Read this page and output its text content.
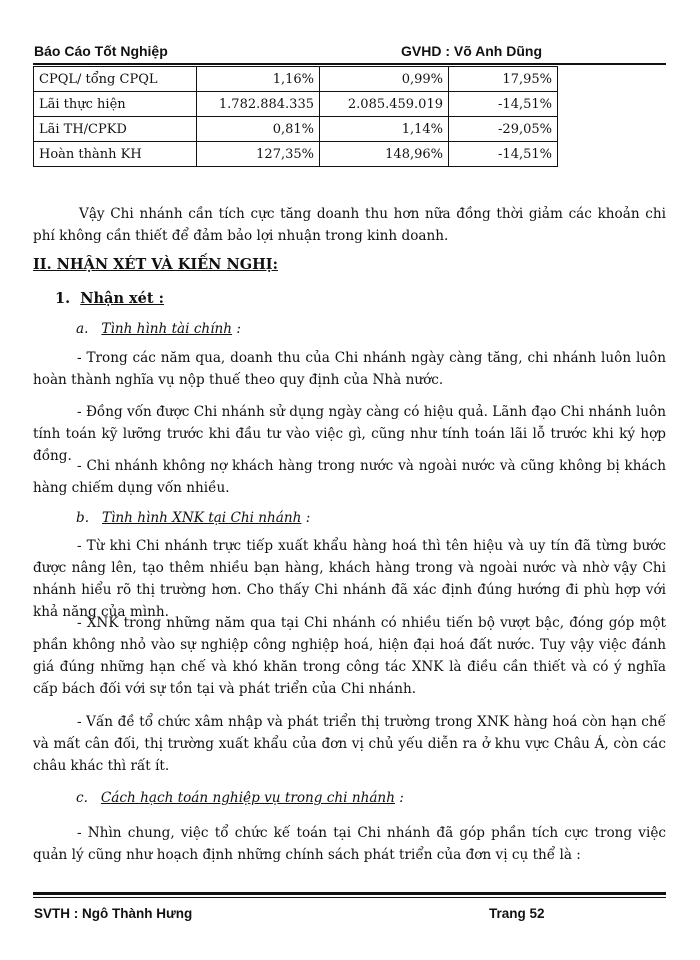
Báo Cáo Tốt Nghiệp	GVHD : Võ Anh Dũng
CPQL/ tổng CPQL	1,16%	0,99%	17,95%
Lãi thực hiện	1.782.884.335	2.085.459.019	-14,51%
Lãi TH/CPKD	0,81%	1,14%	-29,05%
Hoàn thành KH	127,35%	148,96%	-14,51%
Vậy Chi nhánh cần tích cực tăng doanh thu hơn nữa đồng thời giảm các khoản chi phí không cần thiết để đảm bảo lợi nhuận trong kinh doanh.
II. NHẬN XÉT VÀ KIẾN NGHỊ:
1. Nhận xét :
a. Tình hình tài chính :
- Trong các năm qua, doanh thu của Chi nhánh ngày càng tăng, chi nhánh luôn luôn hoàn thành nghĩa vụ nộp thuế theo quy định của Nhà nước.
- Đồng vốn được Chi nhánh sử dụng ngày càng có hiệu quả. Lãnh đạo Chi nhánh luôn tính toán kỹ lưỡng trước khi đầu tư vào việc gì, cũng như tính toán lãi lỗ trước khi ký hợp đồng.
- Chi nhánh không nợ khách hàng trong nước và ngoài nước và cũng không bị khách hàng chiếm dụng vốn nhiều.
b. Tình hình XNK tại Chi nhánh :
- Từ khi Chi nhánh trực tiếp xuất khẩu hàng hoá thì tên hiệu và uy tín đã từng bước được nâng lên, tạo thêm nhiều bạn hàng, khách hàng trong và ngoài nước và nhờ vậy Chi nhánh hiểu rõ thị trường hơn. Cho thấy Chi nhánh đã xác định đúng hướng đi phù hợp với khả năng của mình.
- XNK trong những năm qua tại Chi nhánh có nhiều tiến bộ vượt bậc, đóng góp một phần không nhỏ vào sự nghiệp công nghiệp hoá, hiện đại hoá đất nước. Tuy vậy việc đánh giá đúng những hạn chế và khó khăn trong công tác XNK là điều cần thiết và có ý nghĩa cấp bách đối với sự tồn tại và phát triển của Chi nhánh.
- Vấn đề tổ chức xâm nhập và phát triển thị trường trong XNK hàng hoá còn hạn chế và mất cân đối, thị trường xuất khẩu của đơn vị chủ yếu diễn ra ở khu vực Châu Á, còn các châu khác thì rất ít.
c. Cách hạch toán nghiệp vụ trong chi nhánh :
- Nhìn chung, việc tổ chức kế toán tại Chi nhánh đã góp phần tích cực trong việc quản lý cũng như hoạch định những chính sách phát triển của đơn vị cụ thể là :
SVTH : Ngô Thành Hưng	Trang 52
